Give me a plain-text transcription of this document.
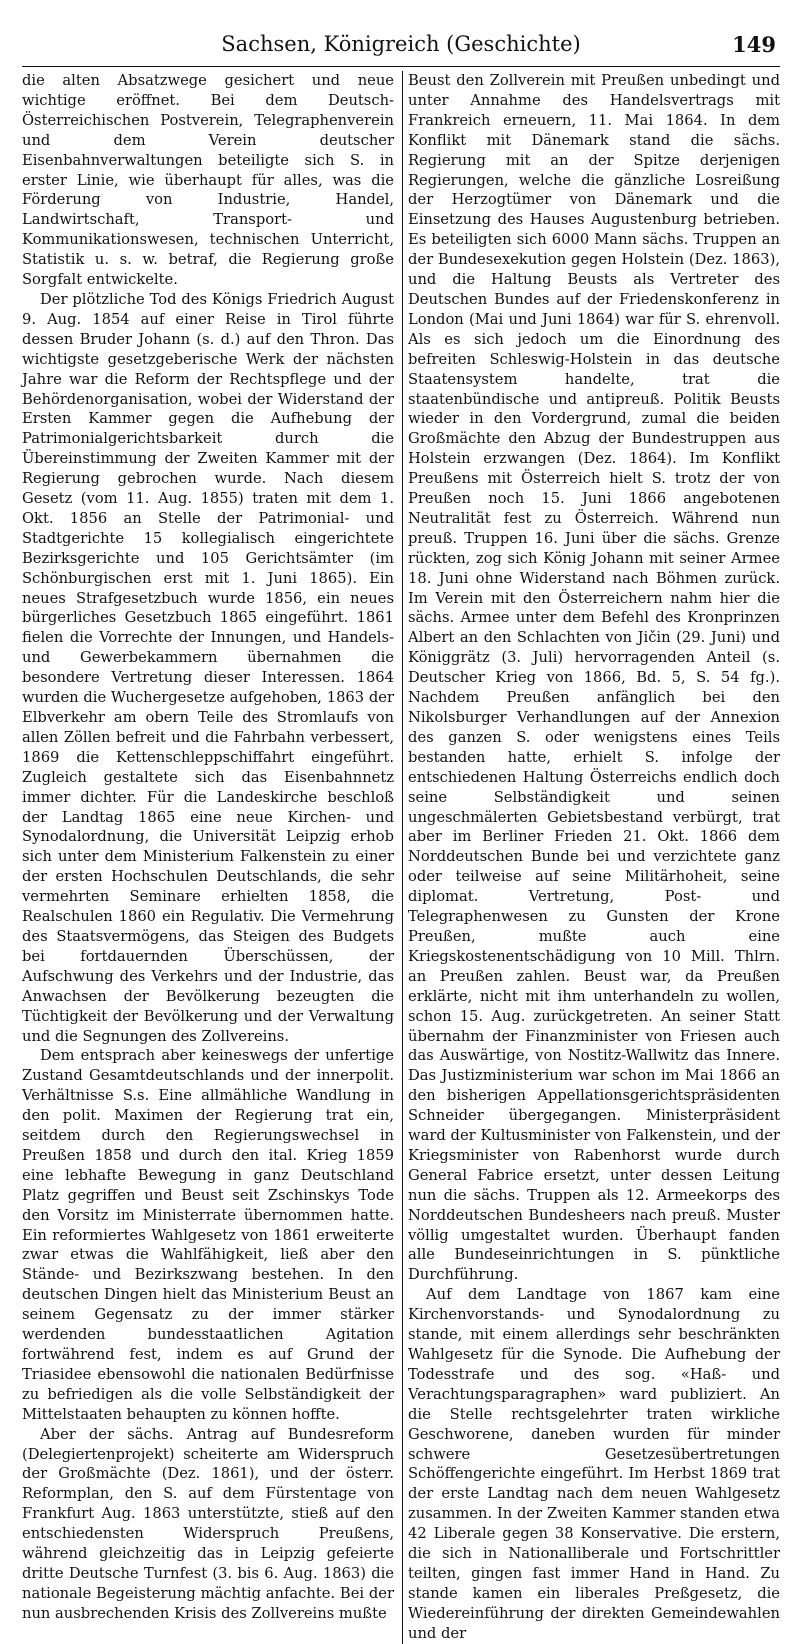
Sachsen, Königreich (Geschichte)	149

die alten Absatzwege gesichert und neue wichtige eröffnet. Bei dem Deutsch-Österreichischen Postverein, Telegraphenverein und dem Verein deutscher Eisenbahnverwaltungen beteiligte sich S. in erster Linie, wie überhaupt für alles, was die Förderung von Industrie, Handel, Landwirtschaft, Transport- und Kommunikationswesen, technischen Unterricht, Statistik u. s. w. betraf, die Regierung große Sorgfalt entwickelte.

Der plötzliche Tod des Königs Friedrich August 9. Aug. 1854 auf einer Reise in Tirol führte dessen Bruder Johann (s. d.) auf den Thron. Das wichtigste gesetzgeberische Werk der nächsten Jahre war die Reform der Rechtspflege und der Behördenorganisation, wobei der Widerstand der Ersten Kammer gegen die Aufhebung der Patrimonialgerichtsbarkeit durch die Übereinstimmung der Zweiten Kammer mit der Regierung gebrochen wurde. Nach diesem Gesetz (vom 11. Aug. 1855) traten mit dem 1. Okt. 1856 an Stelle der Patrimonial- und Stadtgerichte 15 kollegialisch eingerichtete Bezirksgerichte und 105 Gerichtsämter (im Schönburgischen erst mit 1. Juni 1865). Ein neues Strafgesetzbuch wurde 1856, ein neues bürgerliches Gesetzbuch 1865 eingeführt. 1861 fielen die Vorrechte der Innungen, und Handels- und Gewerbekammern übernahmen die besondere Vertretung dieser Interessen. 1864 wurden die Wuchergesetze aufgehoben, 1863 der Elbverkehr am obern Teile des Stromlaufs von allen Zöllen befreit und die Fahrbahn verbessert, 1869 die Kettenschleppschiffahrt eingeführt. Zugleich gestaltete sich das Eisenbahnnetz immer dichter. Für die Landeskirche beschloß der Landtag 1865 eine neue Kirchen- und Synodalordnung, die Universität Leipzig erhob sich unter dem Ministerium Falkenstein zu einer der ersten Hochschulen Deutschlands, die sehr vermehrten Seminare erhielten 1858, die Realschulen 1860 ein Regulativ. Die Vermehrung des Staatsvermögens, das Steigen des Budgets bei fortdauernden Überschüssen, der Aufschwung des Verkehrs und der Industrie, das Anwachsen der Bevölkerung bezeugten die Tüchtigkeit der Bevölkerung und der Verwaltung und die Segnungen des Zollvereins.

Dem entsprach aber keineswegs der unfertige Zustand Gesamtdeutschlands und der innerpolit. Verhältnisse S.s. Eine allmähliche Wandlung in den polit. Maximen der Regierung trat ein, seitdem durch den Regierungswechsel in Preußen 1858 und durch den ital. Krieg 1859 eine lebhafte Bewegung in ganz Deutschland Platz gegriffen und Beust seit Zschinskys Tode den Vorsitz im Ministerrate übernommen hatte. Ein reformiertes Wahlgesetz von 1861 erweiterte zwar etwas die Wahlfähigkeit, ließ aber den Stände- und Bezirkszwang bestehen. In den deutschen Dingen hielt das Ministerium Beust an seinem Gegensatz zu der immer stärker werdenden bundesstaatlichen Agitation fortwährend fest, indem es auf Grund der Triasidee ebensowohl die nationalen Bedürfnisse zu befriedigen als die volle Selbständigkeit der Mittelstaaten behaupten zu können hoffte.

Aber der sächs. Antrag auf Bundesreform (Delegiertenprojekt) scheiterte am Widerspruch der Großmächte (Dez. 1861), und der österr. Reformplan, den S. auf dem Fürstentage von Frankfurt Aug. 1863 unterstützte, stieß auf den entschiedensten Widerspruch Preußens, während gleichzeitig das in Leipzig gefeierte dritte Deutsche Turnfest (3. bis 6. Aug. 1863) die nationale Begeisterung mächtig anfachte. Bei der nun ausbrechenden Krisis des Zollvereins mußte

Beust den Zollverein mit Preußen unbedingt und unter Annahme des Handelsvertrags mit Frankreich erneuern, 11. Mai 1864. In dem Konflikt mit Dänemark stand die sächs. Regierung mit an der Spitze derjenigen Regierungen, welche die gänzliche Losreißung der Herzogtümer von Dänemark und die Einsetzung des Hauses Augustenburg betrieben. Es beteiligten sich 6000 Mann sächs. Truppen an der Bundesexekution gegen Holstein (Dez. 1863), und die Haltung Beusts als Vertreter des Deutschen Bundes auf der Friedenskonferenz in London (Mai und Juni 1864) war für S. ehrenvoll. Als es sich jedoch um die Einordnung des befreiten Schleswig-Holstein in das deutsche Staatensystem handelte, trat die staatenbündische und antipreuß. Politik Beusts wieder in den Vordergrund, zumal die beiden Großmächte den Abzug der Bundestruppen aus Holstein erzwangen (Dez. 1864). Im Konflikt Preußens mit Österreich hielt S. trotz der von Preußen noch 15. Juni 1866 angebotenen Neutralität fest zu Österreich. Während nun preuß. Truppen 16. Juni über die sächs. Grenze rückten, zog sich König Johann mit seiner Armee 18. Juni ohne Widerstand nach Böhmen zurück. Im Verein mit den Österreichern nahm hier die sächs. Armee unter dem Befehl des Kronprinzen Albert an den Schlachten von Jičin (29. Juni) und Königgrätz (3. Juli) hervorragenden Anteil (s. Deutscher Krieg von 1866, Bd. 5, S. 54 fg.). Nachdem Preußen anfänglich bei den Nikolsburger Verhandlungen auf der Annexion des ganzen S. oder wenigstens eines Teils bestanden hatte, erhielt S. infolge der entschiedenen Haltung Österreichs endlich doch seine Selbständigkeit und seinen ungeschmälerten Gebietsbestand verbürgt, trat aber im Berliner Frieden 21. Okt. 1866 dem Norddeutschen Bunde bei und verzichtete ganz oder teilweise auf seine Militärhoheit, seine diplomat. Vertretung, Post- und Telegraphenwesen zu Gunsten der Krone Preußen, mußte auch eine Kriegskostenentschädigung von 10 Mill. Thlrn. an Preußen zahlen. Beust war, da Preußen erklärte, nicht mit ihm unterhandeln zu wollen, schon 15. Aug. zurückgetreten. An seiner Statt übernahm der Finanzminister von Friesen auch das Auswärtige, von Nostitz-Wallwitz das Innere. Das Justizministerium war schon im Mai 1866 an den bisherigen Appellationsgerichtspräsidenten Schneider übergegangen. Ministerpräsident ward der Kultusminister von Falkenstein, und der Kriegsminister von Rabenhorst wurde durch General Fabrice ersetzt, unter dessen Leitung nun die sächs. Truppen als 12. Armeekorps des Norddeutschen Bundesheers nach preuß. Muster völlig umgestaltet wurden. Überhaupt fanden alle Bundeseinrichtungen in S. pünktliche Durchführung.

Auf dem Landtage von 1867 kam eine Kirchenvorstands- und Synodalordnung zu stande, mit einem allerdings sehr beschränkten Wahlgesetz für die Synode. Die Aufhebung der Todesstrafe und des sog. «Haß- und Verachtungsparagraphen» ward publiziert. An die Stelle rechtsgelehrter traten wirkliche Geschworene, daneben wurden für minder schwere Gesetzesübertretungen Schöffengerichte eingeführt. Im Herbst 1869 trat der erste Landtag nach dem neuen Wahlgesetz zusammen. In der Zweiten Kammer standen etwa 42 Liberale gegen 38 Konservative. Die erstern, die sich in Nationalliberale und Fortschrittler teilten, gingen fast immer Hand in Hand. Zu stande kamen ein liberales Preßgesetz, die Wiedereinführung der direkten Gemeindewahlen und der
